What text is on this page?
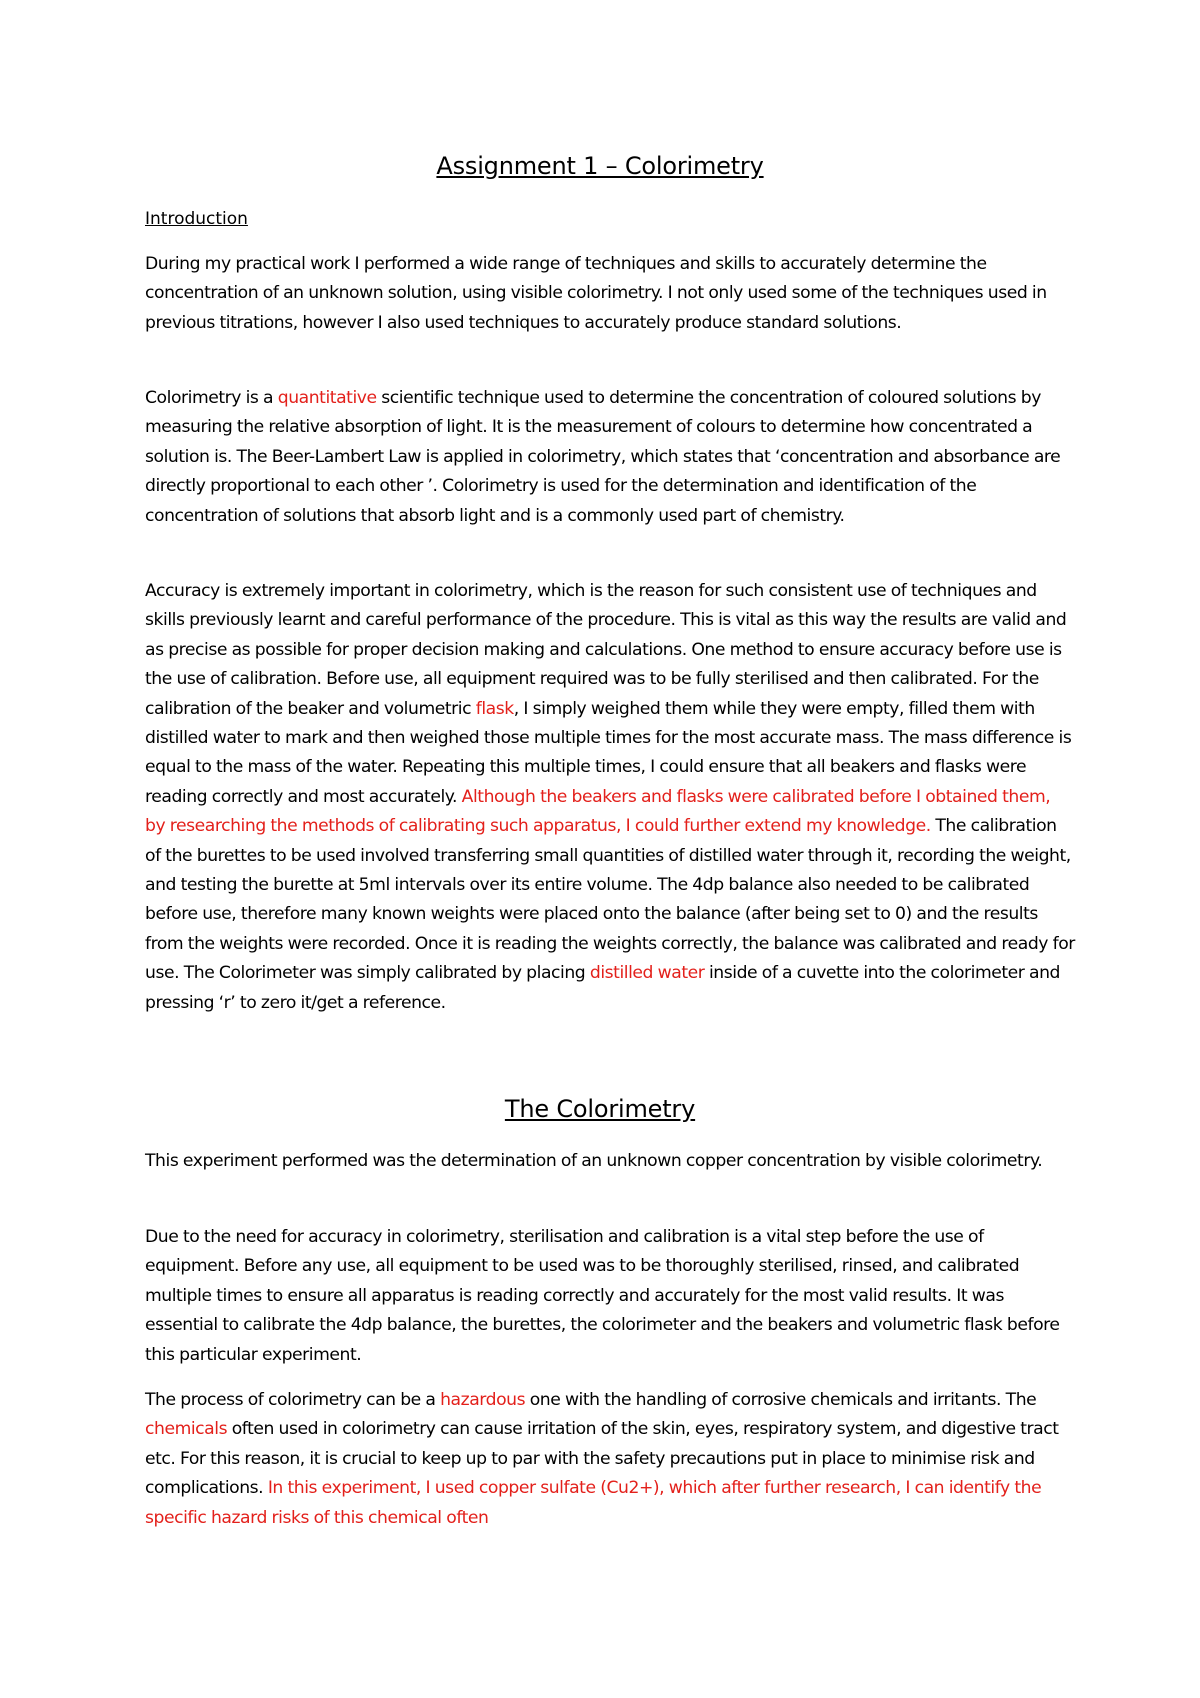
Assignment 1 – Colorimetry
Introduction

During my practical work I performed a wide range of techniques and skills to accurately determine the concentration of an unknown solution, using visible colorimetry. I not only used some of the techniques used in previous titrations, however I also used techniques to accurately produce standard solutions.

Colorimetry is a quantitative scientific technique used to determine the concentration of coloured solutions by measuring the relative absorption of light. It is the measurement of colours to determine how concentrated a solution is. The Beer-Lambert Law is applied in colorimetry, which states that ‘concentration and absorbance are directly proportional to each other ’. Colorimetry is used for the determination and identification of the concentration of solutions that absorb light and is a commonly used part of chemistry.

Accuracy is extremely important in colorimetry, which is the reason for such consistent use of techniques and skills previously learnt and careful performance of the procedure. This is vital as this way the results are valid and as precise as possible for proper decision making and calculations. One method to ensure accuracy before use is the use of calibration. Before use, all equipment required was to be fully sterilised and then calibrated. For the calibration of the beaker and volumetric flask, I simply weighed them while they were empty, filled them with distilled water to mark and then weighed those multiple times for the most accurate mass. The mass difference is equal to the mass of the water. Repeating this multiple times, I could ensure that all beakers and flasks were reading correctly and most accurately. Although the beakers and flasks were calibrated before I obtained them, by researching the methods of calibrating such apparatus, I could further extend my knowledge. The calibration of the burettes to be used involved transferring small quantities of distilled water through it, recording the weight, and testing the burette at 5ml intervals over its entire volume. The 4dp balance also needed to be calibrated before use, therefore many known weights were placed onto the balance (after being set to 0) and the results from the weights were recorded. Once it is reading the weights correctly, the balance was calibrated and ready for use. The Colorimeter was simply calibrated by placing distilled water inside of a cuvette into the colorimeter and pressing ‘r’ to zero it/get a reference.

The Colorimetry

This experiment performed was the determination of an unknown copper concentration by visible colorimetry.

Due to the need for accuracy in colorimetry, sterilisation and calibration is a vital step before the use of equipment. Before any use, all equipment to be used was to be thoroughly sterilised, rinsed, and calibrated multiple times to ensure all apparatus is reading correctly and accurately for the most valid results. It was essential to calibrate the 4dp balance, the burettes, the colorimeter and the beakers and volumetric flask before this particular experiment.

The process of colorimetry can be a hazardous one with the handling of corrosive chemicals and irritants. The chemicals often used in colorimetry can cause irritation of the skin, eyes, respiratory system, and digestive tract etc. For this reason, it is crucial to keep up to par with the safety precautions put in place to minimise risk and complications. In this experiment, I used copper sulfate (Cu2+), which after further research, I can identify the specific hazard risks of this chemical often
